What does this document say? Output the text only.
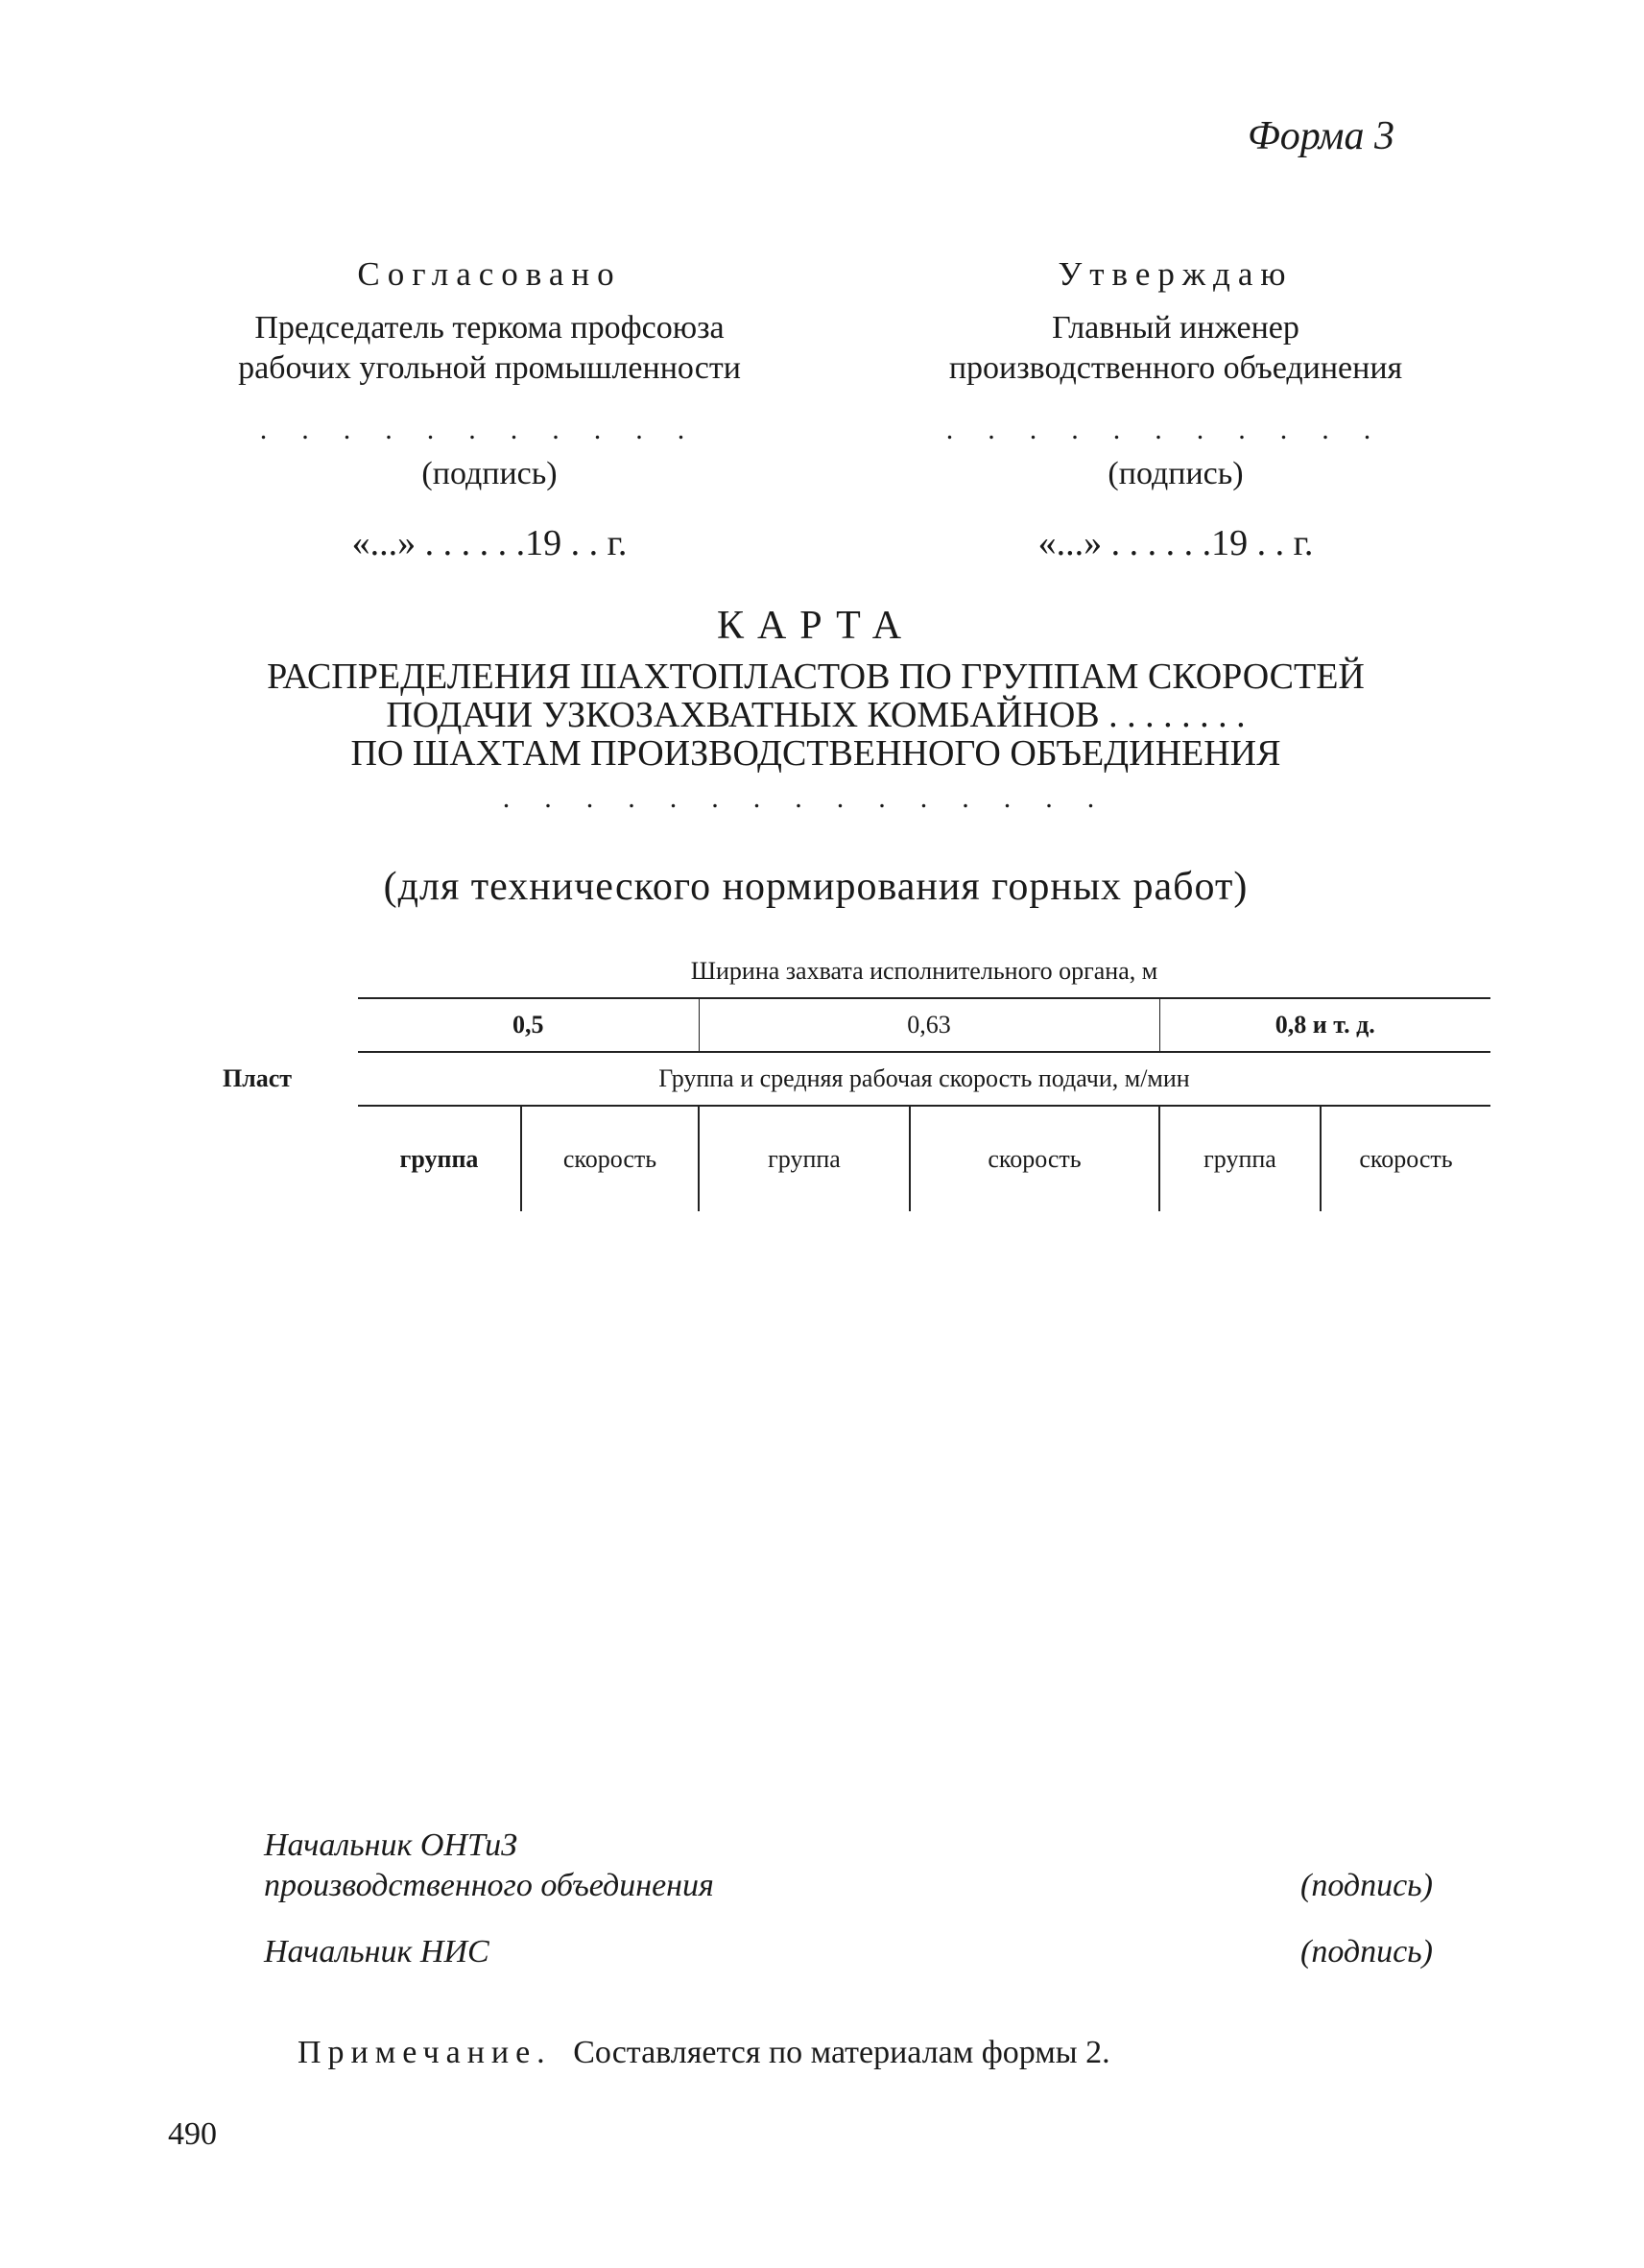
Форма 3
Согласовано
Председатель теркома профсоюза
рабочих угольной промышленности
...........
(подпись)
«...» . . . . . .19 . . г.
Утверждаю
Главный инженер
производственного объединения
...........
(подпись)
«...» . . . . . .19 . . г.
КАРТА
РАСПРЕДЕЛЕНИЯ ШАХТОПЛАСТОВ ПО ГРУППАМ СКОРОСТЕЙ
ПОДАЧИ УЗКОЗАХВАТНЫХ КОМБАЙНОВ . . . . . . . .
ПО ШАХТАМ ПРОИЗВОДСТВЕННОГО ОБЪЕДИНЕНИЯ
...............
(для технического нормирования горных работ)
Пласт	Ширина захвата исполнительного органа, м					
	0,5		0,63		0,8 и т. д.	
	Группа и средняя рабочая скорость подачи, м/мин					
	группа	скорость	группа	скорость	группа	скорость
Начальник ОНТиЗ
производственного объединения	(подпись)
Начальник НИС	(подпись)
Примечание. Составляется по материалам формы 2.
490
